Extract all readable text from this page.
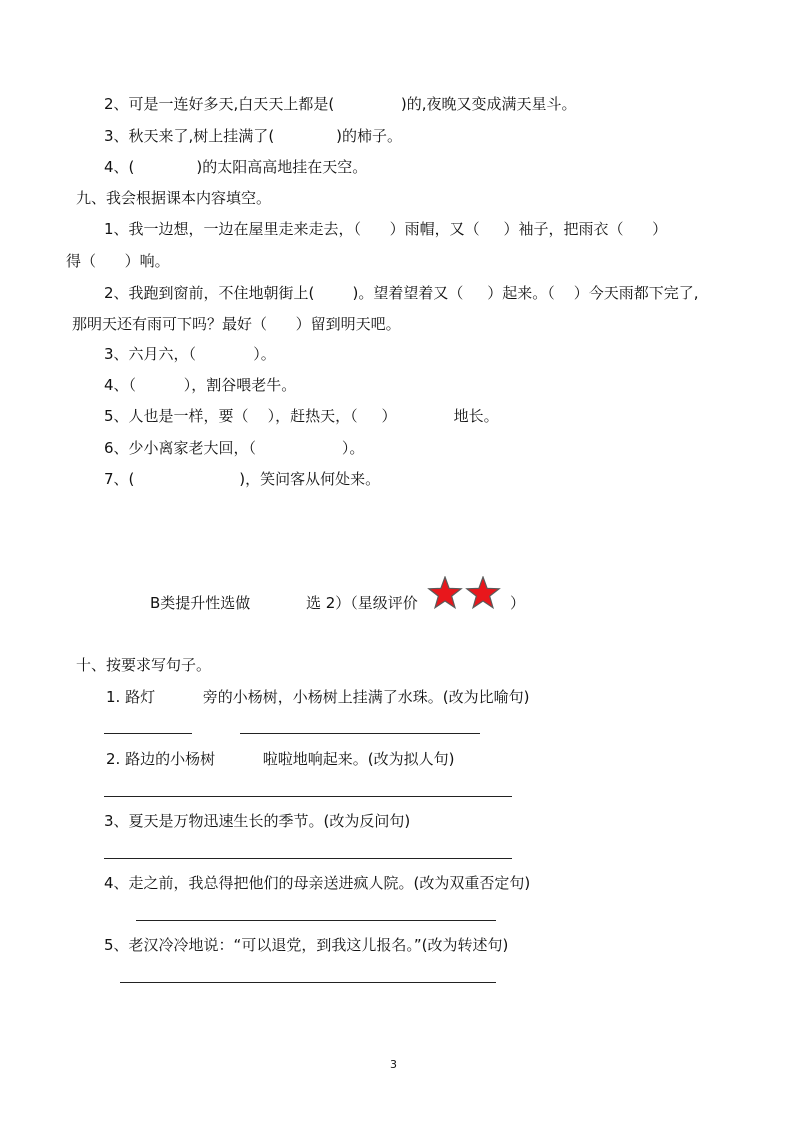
2、可是一连好多天,白天天上都是(              )的,夜晚又变成满天星斗。
3、秋天来了,树上挂满了(             )的柿子。
4、(             )的太阳高高地挂在天空。
九、我会根据课本内容填空。
1、我一边想，一边在屋里走来走去，（      ）雨帽，又（     ）袖子，把雨衣（      ）
得（      ）响。
2、我跑到窗前，不住地朝街上(        )。望着望着又（     ）起来。（    ）今天雨都下完了,
那明天还有雨可下吗？最好（      ）留到明天吧。
3、六月六，（            ）。
4、（          ），割谷喂老牛。
5、人也是一样，要（    ），赶热天，（     ）            地长。
6、少小离家老大回，（                  ）。
7、(                      )，笑问客从何处来。
B类提升性选做	选 2）（星级评价	）
十、按要求写句子。
1. 路灯          旁的小杨树，小杨树上挂满了水珠。(改为比喻句)
2. 路边的小杨树          啦啦地响起来。(改为拟人句)
3、夏天是万物迅速生长的季节。(改为反问句)
4、走之前，我总得把他们的母亲送进疯人院。(改为双重否定句)
5、老汉冷冷地说：“可以退党，到我这儿报名。”(改为转述句)
3
